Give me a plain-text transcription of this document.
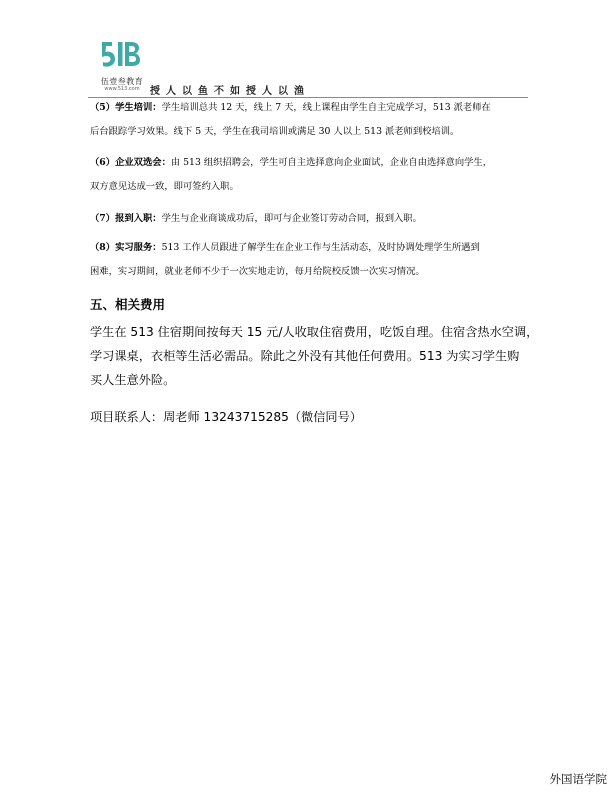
伍壹叁教育
www.513.com	授人以鱼不如授人以渔
（5）学生培训：学生培训总共 12 天，线上 7 天，线上课程由学生自主完成学习，513 派老师在
后台跟踪学习效果。线下 5 天，学生在我司培训或满足 30 人以上 513 派老师到校培训。
（6）企业双选会：由 513 组织招聘会，学生可自主选择意向企业面试，企业自由选择意向学生，
双方意见达成一致，即可签约入职。
（7）报到入职：学生与企业商谈成功后，即可与企业签订劳动合同，报到入职。
（8）实习服务：513 工作人员跟进了解学生在企业工作与生活动态，及时协调处理学生所遇到
困难，实习期间，就业老师不少于一次实地走访，每月给院校反馈一次实习情况。
五、相关费用
学生在 513 住宿期间按每天 15 元/人收取住宿费用，吃饭自理。住宿含热水空调，
学习课桌，衣柜等生活必需品。除此之外没有其他任何费用。513 为实习学生购
买人生意外险。
项目联系人：周老师 13243715285（微信同号）
外国语学院
